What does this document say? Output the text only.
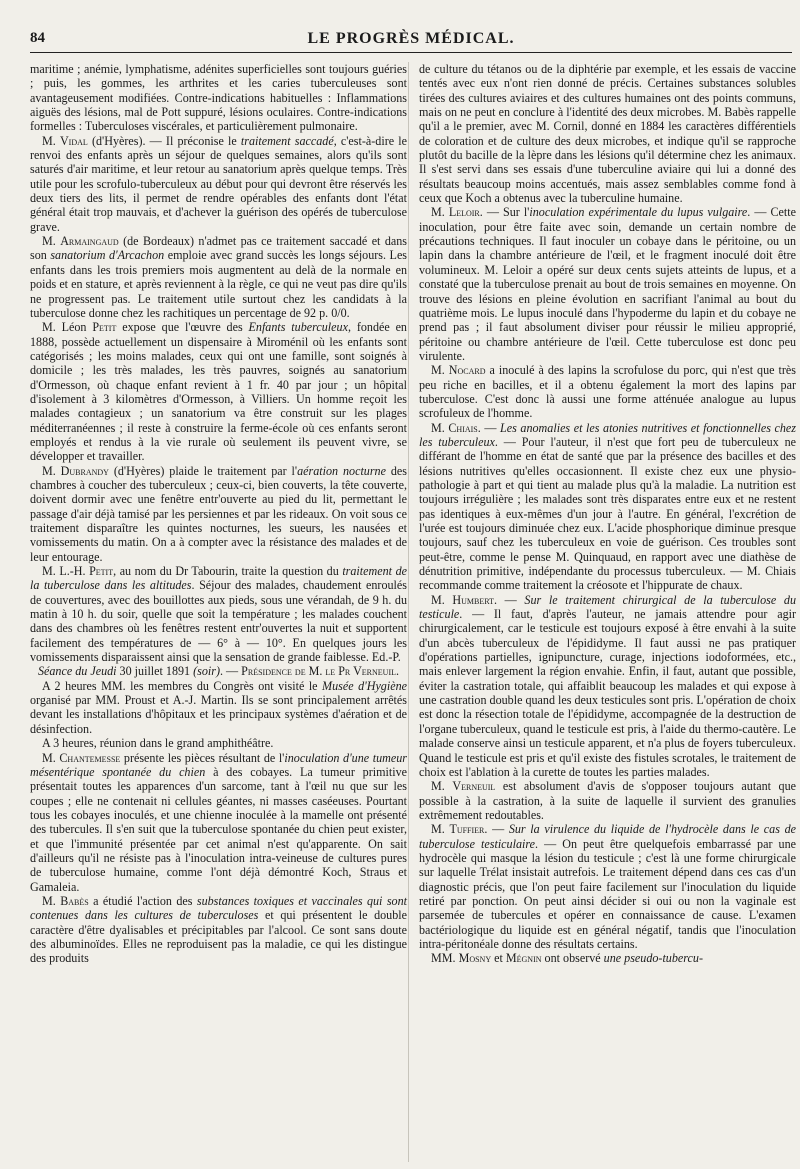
84	LE PROGRÈS MÉDICAL.

maritime ; anémie, lymphatisme, adénites superficielles sont toujours guéries ; puis, les gommes, les arthrites et les caries tuberculeuses sont avantageusement modifiées. Contre-indications habituelles : Inflammations aiguës des lésions, mal de Pott suppuré, lésions oculaires. Contre-indications formelles : Tuberculoses viscérales, et particulièrement pulmonaire.

M. Vidal (d'Hyères). — Il préconise le traitement saccadé, c'est-à-dire le renvoi des enfants après un séjour de quelques semaines, alors qu'ils sont saturés d'air maritime, et leur retour au sanatorium après quelque temps. Très utile pour les scrofulo-tuberculeux au début pour qui devront être réservés les deux tiers des lits, il permet de rendre opérables des enfants dont l'état général était trop mauvais, et d'achever la guérison des opérés de tuberculose grave.

M. Armaingaud (de Bordeaux) n'admet pas ce traitement saccadé et dans son sanatorium d'Arcachon emploie avec grand succès les longs séjours. Les enfants dans les trois premiers mois augmentent au delà de la normale en poids et en stature, et après reviennent à la règle, ce qui ne veut pas dire qu'ils ne progressent pas. Le traitement utile surtout chez les candidats à la tuberculose donne chez les rachitiques un percentage de 92 p. 0/0.

M. Léon Petit expose que l'œuvre des Enfants tuberculeux, fondée en 1888, possède actuellement un dispensaire à Miroménil où les enfants sont catégorisés ; les moins malades, ceux qui ont une famille, sont soignés à domicile ; les très malades, les très pauvres, soignés au sanatorium d'Ormesson, où chaque enfant revient à 1 fr. 40 par jour ; un hôpital d'isolement à 3 kilomètres d'Ormesson, à Villiers. Un homme reçoit les malades contagieux ; un sanatorium va être construit sur les plages méditerranéennes ; il reste à construire la ferme-école où ces enfants seront employés et rendus à la vie rurale où seulement ils peuvent vivre, se développer et travailler.

M. Dubrandy (d'Hyères) plaide le traitement par l'aération nocturne des chambres à coucher des tuberculeux ; ceux-ci, bien couverts, la tête couverte, doivent dormir avec une fenêtre entr'ouverte au pied du lit, permettant le passage d'air déjà tamisé par les persiennes et par les rideaux. On voit sous ce traitement disparaître les quintes nocturnes, les sueurs, les nausées et vomissements du matin. On a à compter avec la résistance des malades et de leur entourage.

M. L.-H. Petit, au nom du Dr Tabourin, traite la question du traitement de la tuberculose dans les altitudes. Séjour des malades, chaudement enroulés de couvertures, avec des bouillottes aux pieds, sous une vérandah, de 9 h. du matin à 10 h. du soir, quelle que soit la température ; les malades couchent dans des chambres où les fenêtres restent entr'ouvertes la nuit et supportent facilement des températures de — 6° à — 10°. En quelques jours les vomissements disparaissent ainsi que la sensation de grande faiblesse. Ed.-P.

Séance du Jeudi 30 juillet 1891 (soir). — Présidence de M. le Pr Verneuil.

A 2 heures MM. les membres du Congrès ont visité le Musée d'Hygiène organisé par MM. Proust et A.-J. Martin. Ils se sont principalement arrêtés devant les installations d'hôpitaux et les principaux systèmes d'aération et de désinfection.

A 3 heures, réunion dans le grand amphithéâtre.

M. Chantemesse présente les pièces résultant de l'inoculation d'une tumeur mésentérique spontanée du chien à des cobayes. La tumeur primitive présentait toutes les apparences d'un sarcome, tant à l'œil nu que sur les coupes ; elle ne contenait ni cellules géantes, ni masses caséeuses. Pourtant tous les cobayes inoculés, et une chienne inoculée à la mamelle ont présenté des tubercules. Il s'en suit que la tuberculose spontanée du chien peut exister, et que l'immunité présentée par cet animal n'est qu'apparente. On sait d'ailleurs qu'il ne résiste pas à l'inoculation intra-veineuse de cultures pures de tuberculose humaine, comme l'ont déjà démontré Koch, Straus et Gamaleia.

M. Babès a étudié l'action des substances toxiques et vaccinales qui sont contenues dans les cultures de tuberculoses et qui présentent le double caractère d'être dyalisables et précipitables par l'alcool. Ce sont sans doute des albuminoïdes. Elles ne reproduisent pas la maladie, ce qui les distingue des produits

de culture du tétanos ou de la diphtérie par exemple, et les essais de vaccine tentés avec eux n'ont rien donné de précis. Certaines substances solubles tirées des cultures aviaires et des cultures humaines ont des points communs, mais on ne peut en conclure à l'identité des deux microbes. M. Babès rappelle qu'il a le premier, avec M. Cornil, donné en 1884 les caractères différentiels de coloration et de culture des deux microbes, et indique qu'il se rapproche plutôt du bacille de la lèpre dans les lésions qu'il détermine chez les animaux. Il s'est servi dans ses essais d'une tuberculine aviaire qui lui a donné des résultats beaucoup moins accentués, mais assez semblables comme fond à ceux que Koch a obtenus avec la tuberculine humaine.

M. Leloir. — Sur l'inoculation expérimentale du lupus vulgaire. — Cette inoculation, pour être faite avec soin, demande un certain nombre de précautions techniques. Il faut inoculer un cobaye dans le péritoine, ou un lapin dans la chambre antérieure de l'œil, et le fragment inoculé doit être volumineux. M. Leloir a opéré sur deux cents sujets atteints de lupus, et a constaté que la tuberculose prenait au bout de trois semaines en moyenne. On trouve des lésions en pleine évolution en sacrifiant l'animal au bout du quatrième mois. Le lupus inoculé dans l'hypoderme du lapin et du cobaye ne prend pas ; il faut absolument diviser pour réussir le milieu approprié, péritoine ou chambre antérieure de l'œil. Cette tuberculose est donc peu virulente.

M. Nocard a inoculé à des lapins la scrofulose du porc, qui n'est que très peu riche en bacilles, et il a obtenu également la mort des lapins par tuberculose. C'est donc là aussi une forme atténuée analogue au lupus scrofuleux de l'homme.

M. Chiais. — Les anomalies et les atonies nutritives et fonctionnelles chez les tuberculeux. — Pour l'auteur, il n'est que fort peu de tuberculeux ne différant de l'homme en état de santé que par la présence des bacilles et des lésions nutritives qu'elles occasionnent. Il existe chez eux une physio-pathologie à part et qui tient au malade plus qu'à la maladie. La nutrition est toujours irrégulière ; les malades sont très disparates entre eux et ne restent pas identiques à eux-mêmes d'un jour à l'autre. En général, l'excrétion de l'urée est toujours diminuée chez eux. L'acide phosphorique diminue presque toujours, sauf chez les tuberculeux en voie de guérison. Ces troubles sont peut-être, comme le pense M. Quinquaud, en rapport avec une diathèse de dénutrition primitive, indépendante du processus tuberculeux. — M. Chiais recommande comme traitement la créosote et l'hippurate de chaux.

M. Humbert. — Sur le traitement chirurgical de la tuberculose du testicule. — Il faut, d'après l'auteur, ne jamais attendre pour agir chirurgicalement, car le testicule est toujours exposé à être envahi à la suite d'un abcès tuberculeux de l'épididyme. Il faut aussi ne pas pratiquer d'opérations partielles, ignipuncture, curage, injections iodoformées, etc., mais enlever largement la région envahie. Enfin, il faut, autant que possible, éviter la castration totale, qui affaiblit beaucoup les malades et qui expose à une castration double quand les deux testicules sont pris. L'opération de choix est donc la résection totale de l'épididyme, accompagnée de la destruction de l'organe tuberculeux, quand le testicule est pris, à l'aide du thermo-cautère. Le malade conserve ainsi un testicule apparent, et n'a plus de foyers tuberculeux. Quand le testicule est pris et qu'il existe des fistules scrotales, le traitement de choix est l'ablation à la curette de toutes les parties malades.

M. Verneuil est absolument d'avis de s'opposer toujours autant que possible à la castration, à la suite de laquelle il survient des granulies extrêmement redoutables.

M. Tuffier. — Sur la virulence du liquide de l'hydrocèle dans le cas de tuberculose testiculaire. — On peut être quelquefois embarrassé par une hydrocèle qui masque la lésion du testicule ; c'est là une forme chirurgicale sur laquelle Trélat insistait autrefois. Le traitement dépend dans ces cas d'un diagnostic précis, que l'on peut faire facilement sur l'inoculation du liquide retiré par ponction. On peut ainsi décider si oui ou non la vaginale est parsemée de tubercules et opérer en connaissance de cause. L'examen bactériologique du liquide est en général négatif, tandis que l'inoculation intra-péritonéale donne des résultats certains.

MM. Mosny et Mégnin ont observé une pseudo-tubercu-
